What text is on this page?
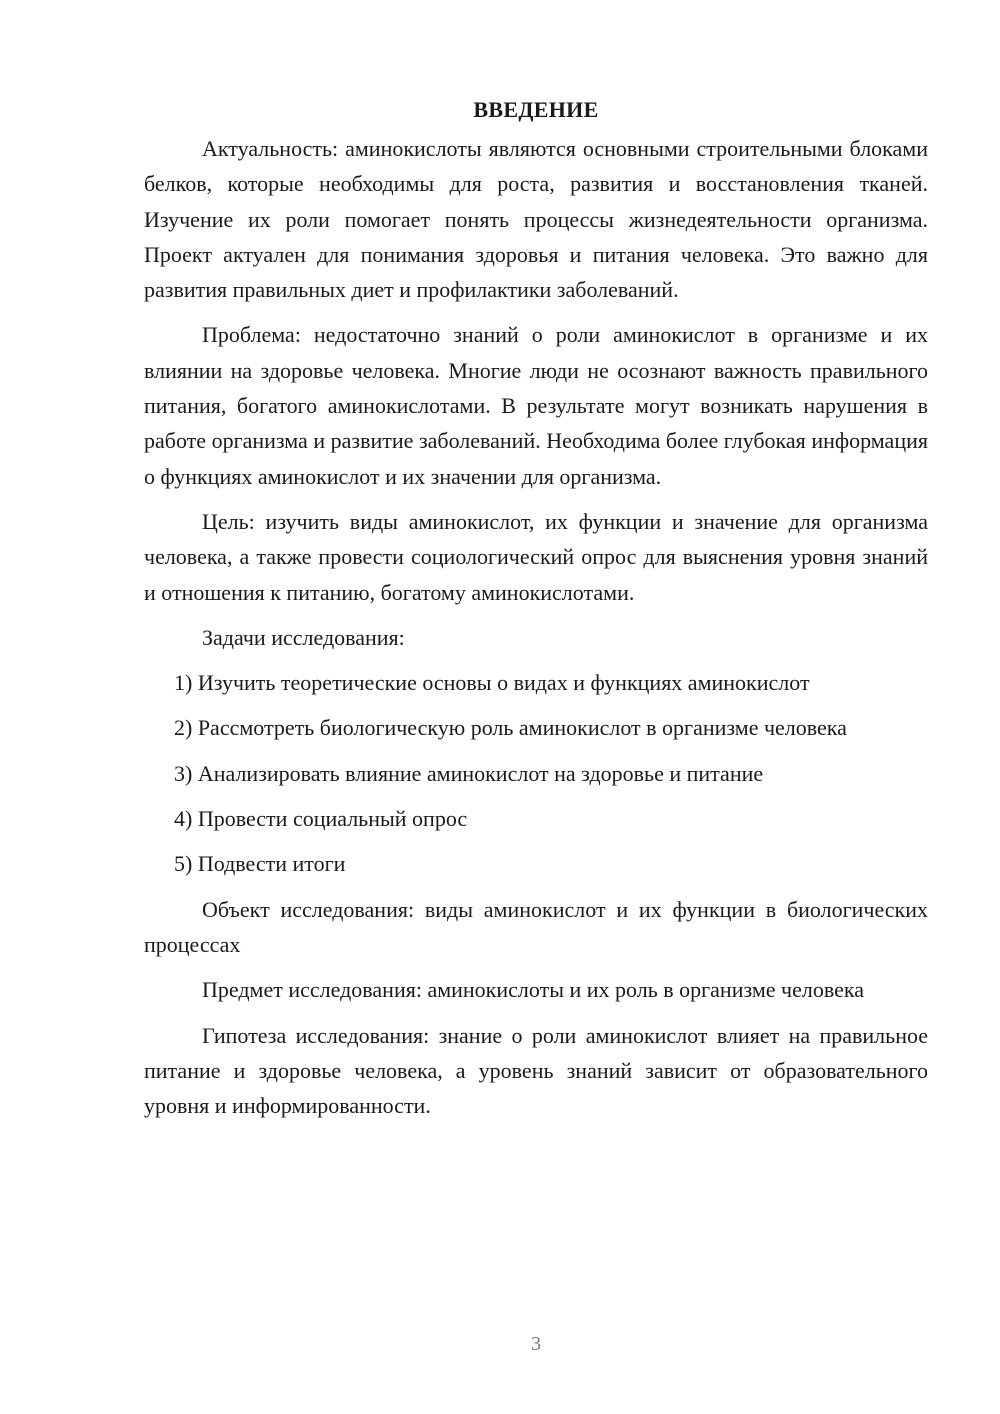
ВВЕДЕНИЕ

Актуальность: аминокислоты являются основными строительными блоками белков, которые необходимы для роста, развития и восстановления тканей. Изучение их роли помогает понять процессы жизнедеятельности организма. Проект актуален для понимания здоровья и питания человека. Это важно для развития правильных диет и профилактики заболеваний.

Проблема: недостаточно знаний о роли аминокислот в организме и их влиянии на здоровье человека. Многие люди не осознают важность правильного питания, богатого аминокислотами. В результате могут возникать нарушения в работе организма и развитие заболеваний. Необходима более глубокая информация о функциях аминокислот и их значении для организма.

Цель: изучить виды аминокислот, их функции и значение для организма человека, а также провести социологический опрос для выяснения уровня знаний и отношения к питанию, богатому аминокислотами.

Задачи исследования:

1) Изучить теоретические основы о видах и функциях аминокислот

2) Рассмотреть биологическую роль аминокислот в организме человека

3) Анализировать влияние аминокислот на здоровье и питание

4) Провести социальный опрос

5) Подвести итоги

Объект исследования: виды аминокислот и их функции в биологических процессах

Предмет исследования: аминокислоты и их роль в организме человека

Гипотеза исследования: знание о роли аминокислот влияет на правильное питание и здоровье человека, а уровень знаний зависит от образовательного уровня и информированности.

3
